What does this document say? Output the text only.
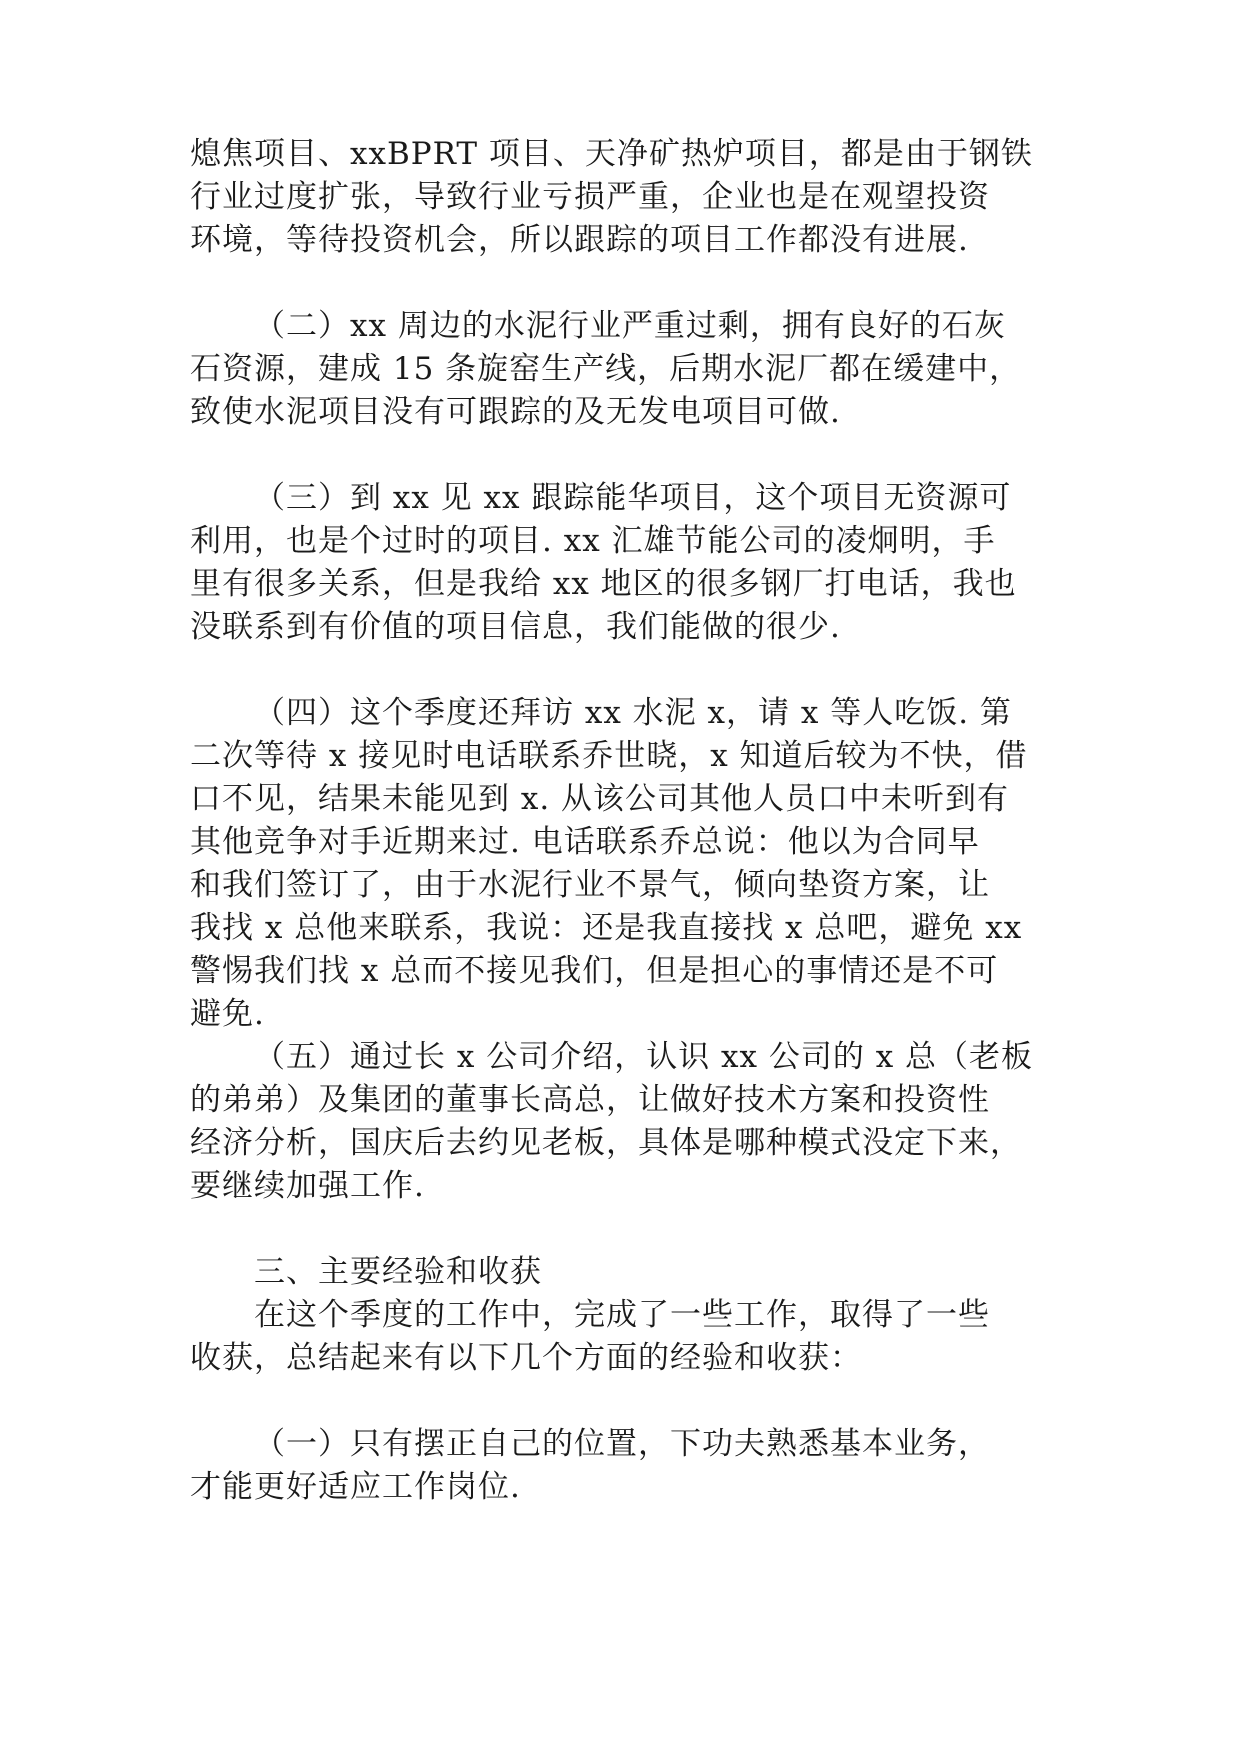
熄焦项目、xxBPRT 项目、天净矿热炉项目，都是由于钢铁
行业过度扩张，导致行业亏损严重，企业也是在观望投资
环境，等待投资机会，所以跟踪的项目工作都没有进展.
（二）xx 周边的水泥行业严重过剩，拥有良好的石灰
石资源，建成 15 条旋窑生产线，后期水泥厂都在缓建中，
致使水泥项目没有可跟踪的及无发电项目可做.
（三）到 xx 见 xx 跟踪能华项目，这个项目无资源可
利用，也是个过时的项目. xx 汇雄节能公司的凌炯明，手
里有很多关系，但是我给 xx 地区的很多钢厂打电话，我也
没联系到有价值的项目信息，我们能做的很少.
（四）这个季度还拜访 xx 水泥 x，请 x 等人吃饭. 第
二次等待 x 接见时电话联系乔世晓，x 知道后较为不快，借
口不见，结果未能见到 x. 从该公司其他人员口中未听到有
其他竞争对手近期来过. 电话联系乔总说：他以为合同早
和我们签订了，由于水泥行业不景气，倾向垫资方案，让
我找 x 总他来联系，我说：还是我直接找 x 总吧，避免 xx
警惕我们找 x 总而不接见我们，但是担心的事情还是不可
避免.
（五）通过长 x 公司介绍，认识 xx 公司的 x 总（老板
的弟弟）及集团的董事长高总，让做好技术方案和投资性
经济分析，国庆后去约见老板，具体是哪种模式没定下来，
要继续加强工作.
三、主要经验和收获
在这个季度的工作中，完成了一些工作，取得了一些
收获，总结起来有以下几个方面的经验和收获：
（一）只有摆正自己的位置，下功夫熟悉基本业务，
才能更好适应工作岗位.
